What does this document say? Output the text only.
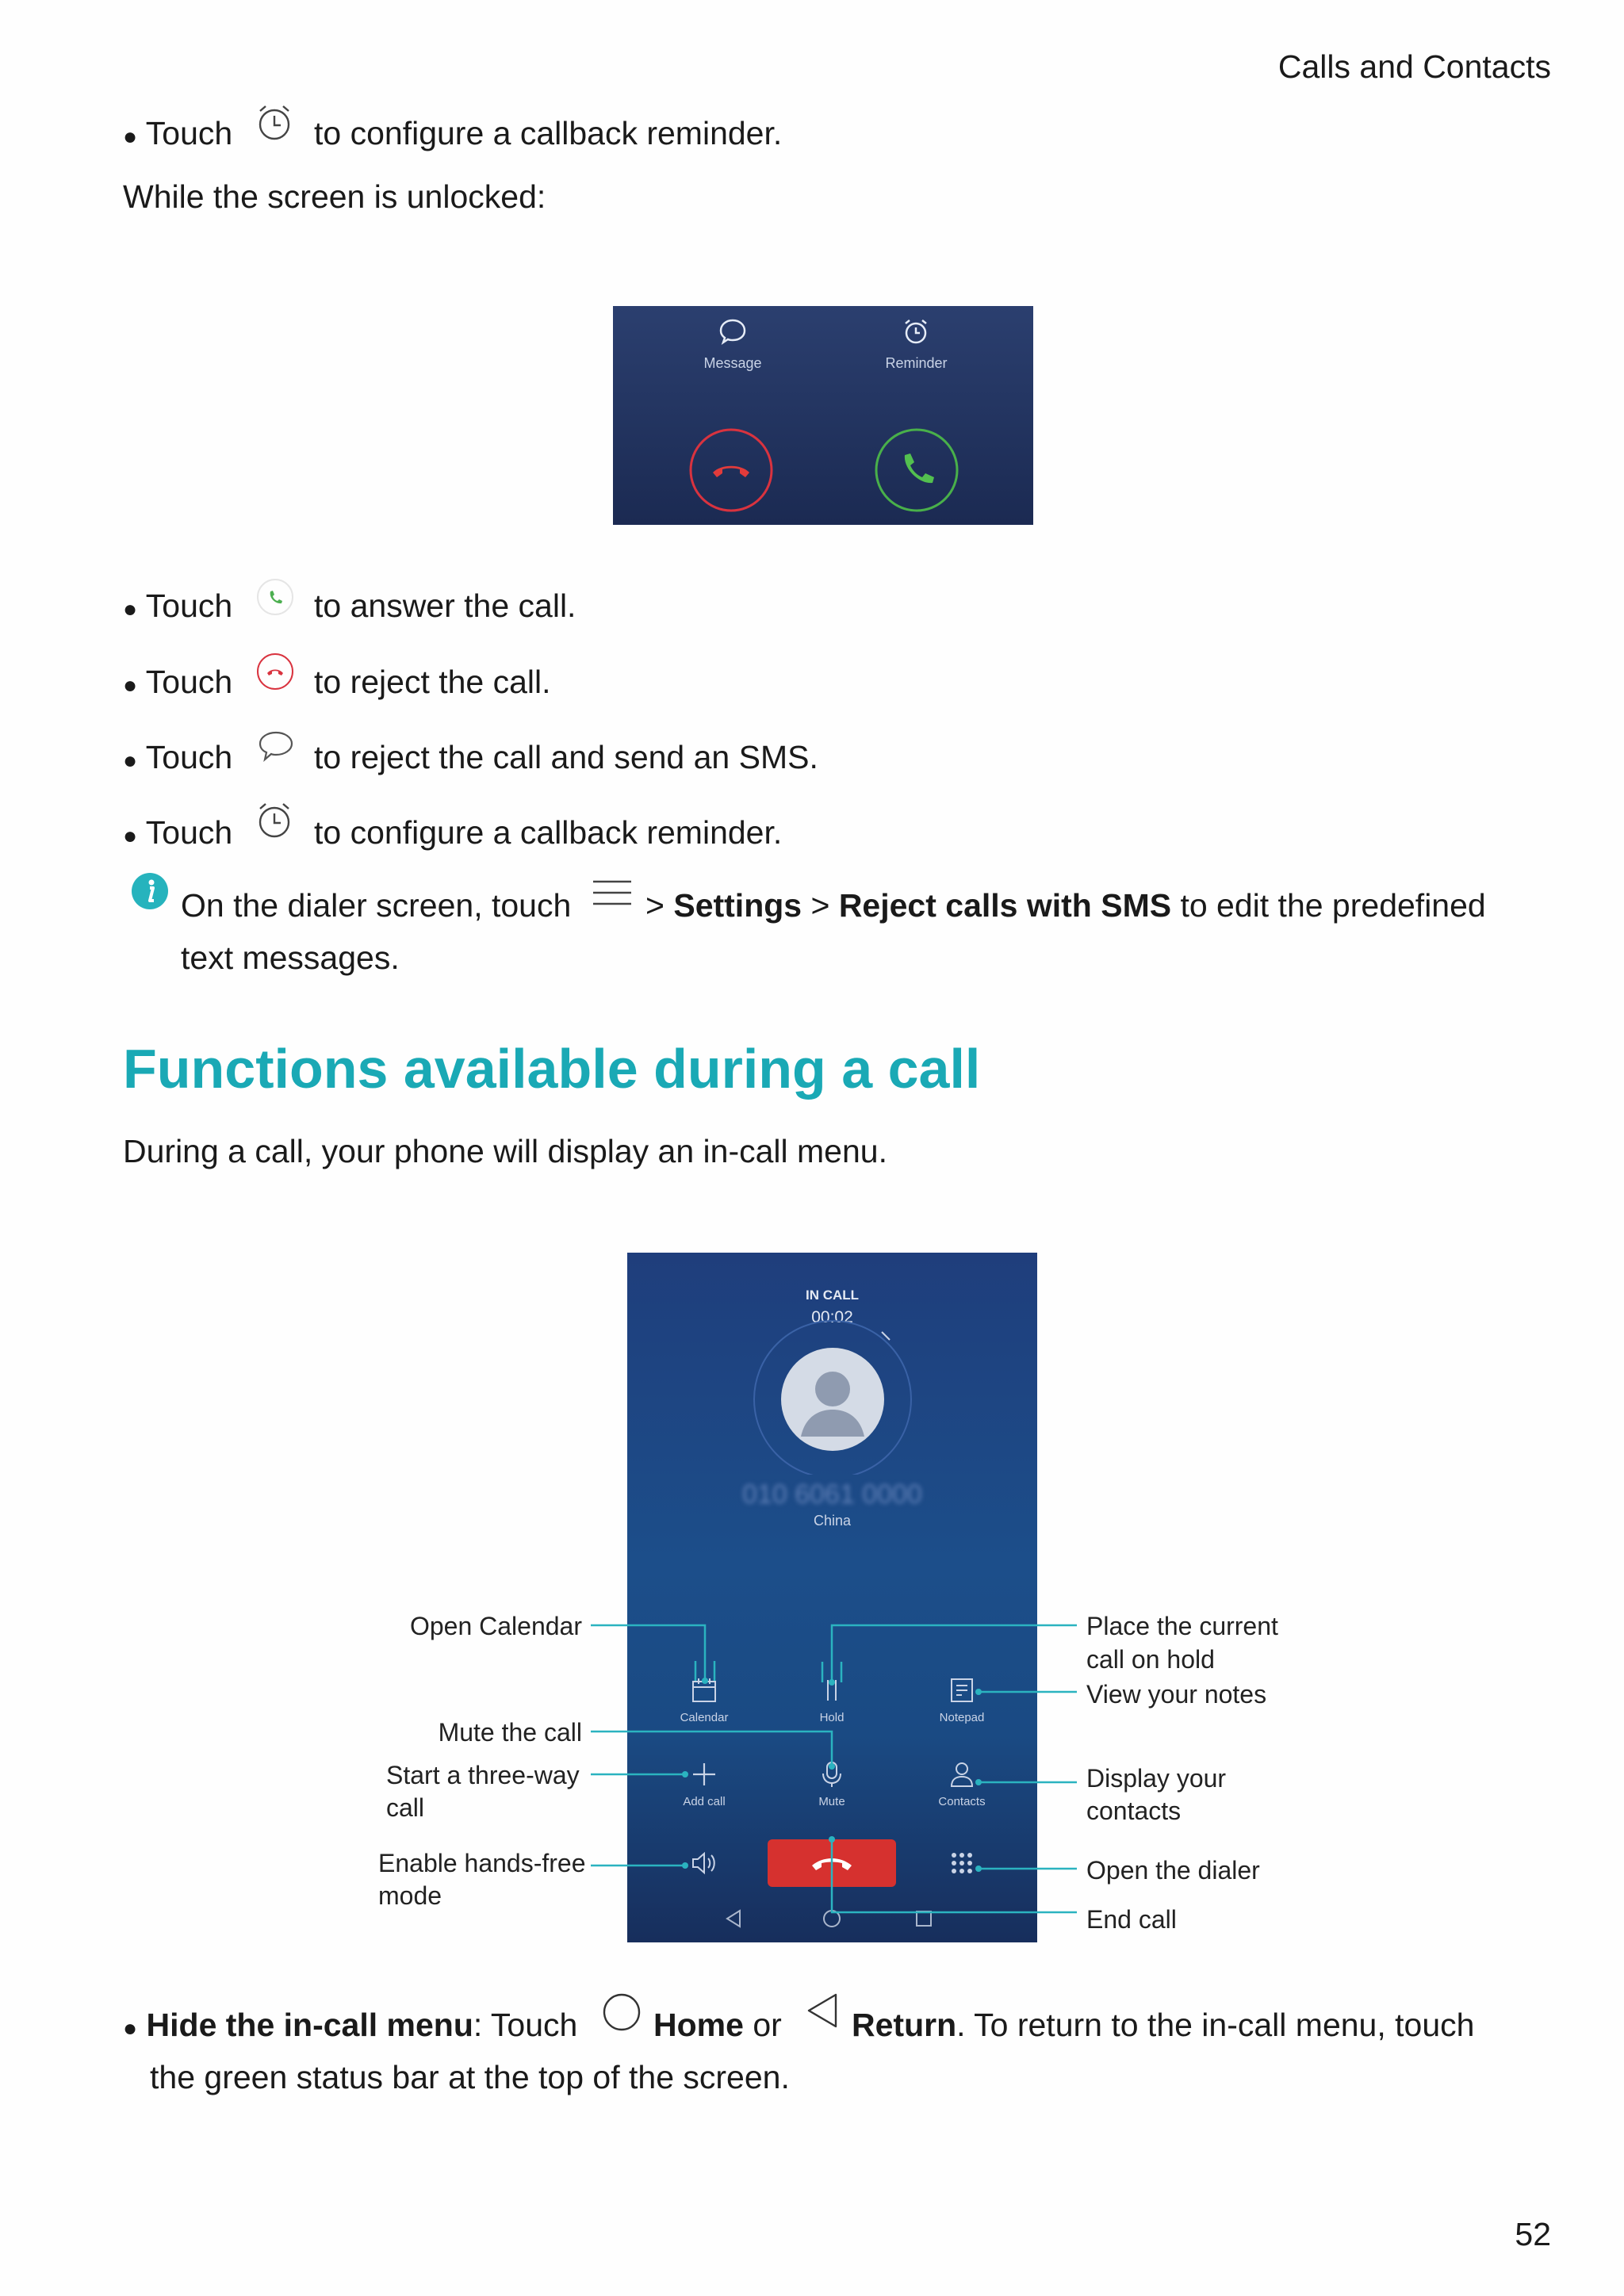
Calls and Contacts
● Touch	to configure a callback reminder.
While the screen is unlocked:
Message	Reminder
● Touch	to answer the call.
● Touch	to reject the call.
● Touch	to reject the call and send an SMS.
● Touch	to configure a callback reminder.
On the dialer screen, touch > Settings > Reject calls with SMS to edit the predefined
text messages.
Functions available during a call
During a call, your phone will display an in-call menu.
IN CALL
00:02
010 6061 0000
China
Calendar	Hold	Notepad
Add call	Mute	Contacts
Open Calendar
Mute the call
Start a three-way
call
Enable hands-free
mode
Place the current
call on hold
View your notes
Display your
contacts
Open the dialer
End call
● Hide the in-call menu: Touch Home or Return. To return to the in-call menu, touch
the green status bar at the top of the screen.
52
